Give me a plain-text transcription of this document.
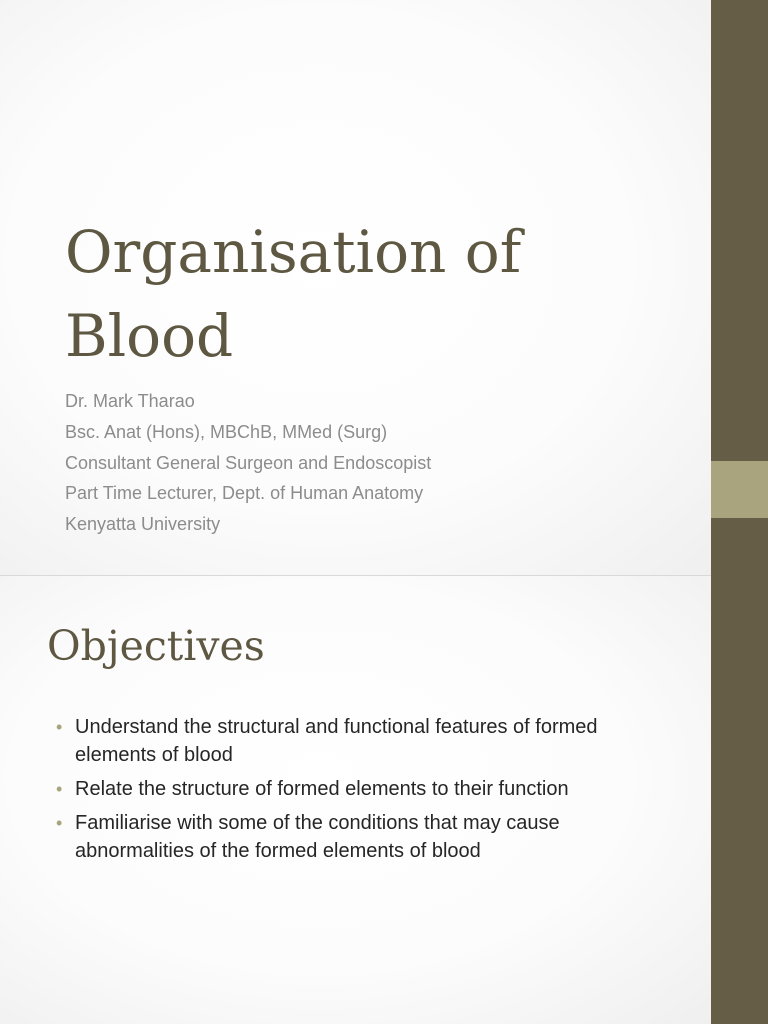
Organisation of Blood
Dr. Mark Tharao
Bsc. Anat (Hons), MBChB, MMed (Surg)
Consultant General Surgeon and Endoscopist
Part Time Lecturer, Dept. of Human Anatomy
Kenyatta University
Objectives
• Understand the structural and functional features of formed elements of blood
• Relate the structure of formed elements to their function
• Familiarise with some of the conditions that may cause abnormalities of the formed elements of blood
